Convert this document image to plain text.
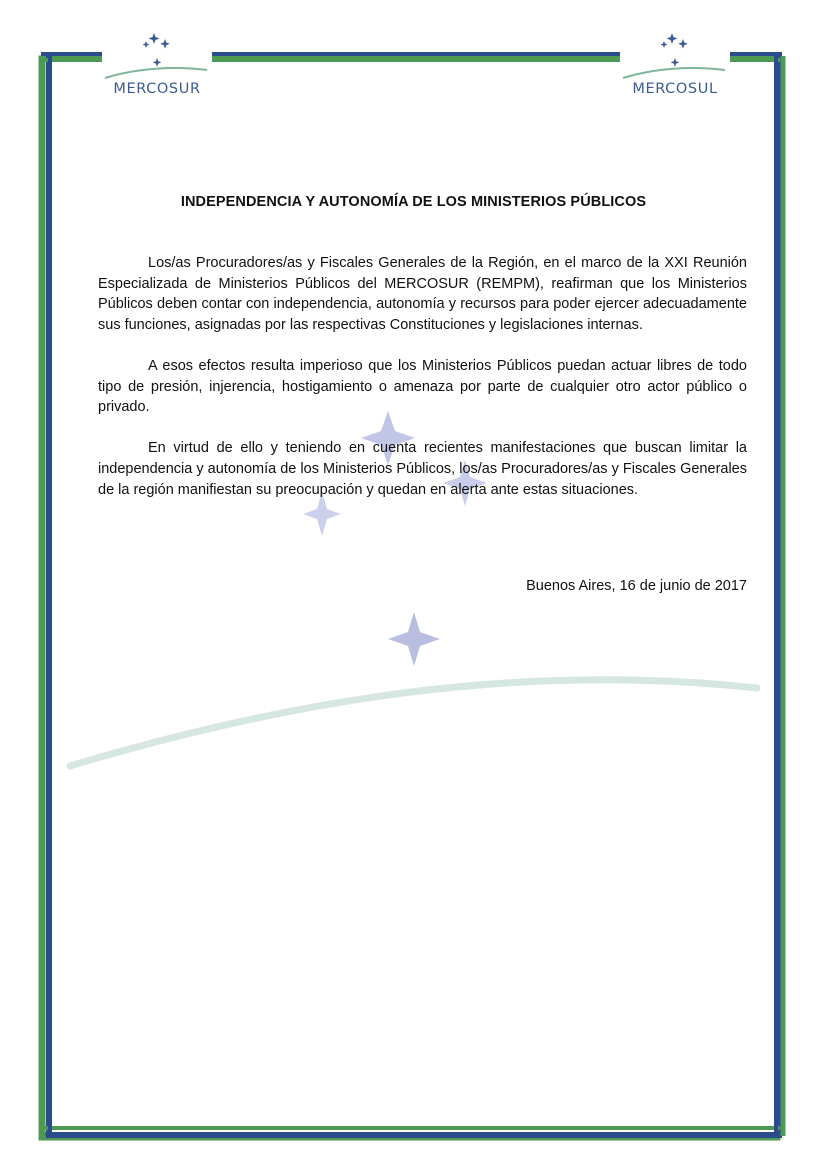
MERCOSUR	MERCOSUL
INDEPENDENCIA Y AUTONOMÍA DE LOS MINISTERIOS PÚBLICOS

Los/as Procuradores/as y Fiscales Generales de la Región, en el marco de la XXI Reunión Especializada de Ministerios Públicos del MERCOSUR (REMPM), reafirman que los Ministerios Públicos deben contar con independencia, autonomía y recursos para poder ejercer adecuadamente sus funciones, asignadas por las respectivas Constituciones y legislaciones internas.

A esos efectos resulta imperioso que los Ministerios Públicos puedan actuar libres de todo tipo de presión, injerencia, hostigamiento o amenaza por parte de cualquier otro actor público o privado.

En virtud de ello y teniendo en cuenta recientes manifestaciones que buscan limitar la independencia y autonomía de los Ministerios Públicos, los/as Procuradores/as y Fiscales Generales de la región manifiestan su preocupación y quedan en alerta ante estas situaciones.

Buenos Aires, 16 de junio de 2017
